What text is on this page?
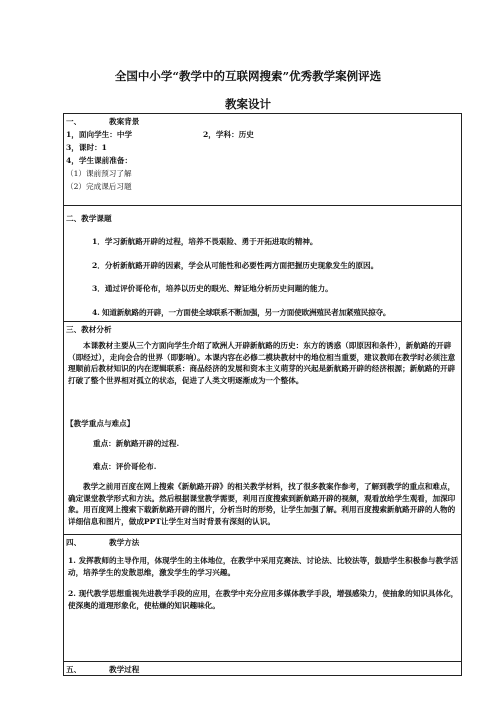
全国中小学“教学中的互联网搜索”优秀教学案例评选
教案设计
一、	教案背景
1，面向学生：中学	2，学科：历史
3，课时：1
4，学生课前准备：
（1）课前预习了解
（2）完成课后习题
二、教学课题
1．学习新航路开辟的过程，培养不畏艰险、勇于开拓进取的精神。
2．分析新航路开辟的因素，学会从可能性和必要性两方面把握历史现象发生的原因。
3．通过评价哥伦布，培养以历史的眼光、辩证地分析历史问题的能力。
4. 知道新航路的开辟，一方面使全球联系不断加强，另一方面使欧洲殖民者加紧殖民掠夺。
三、教材分析
本课教材主要从三个方面向学生介绍了欧洲人开辟新航路的历史：东方的诱惑（即原因和条件），新航路的开辟（即经过），走向会合的世界（即影响）。本课内容在必修二模块教材中的地位相当重要，建议教师在教学时必须注意理顺前后教材知识的内在逻辑联系：商品经济的发展和资本主义萌芽的兴起是新航路开辟的经济根源；新航路的开辟打破了整个世界相对孤立的状态，促进了人类文明逐渐成为一个整体。
【教学重点与难点】
重点：新航路开辟的过程.
难点：评价哥伦布.
教学之前用百度在网上搜索《新航路开辟》的相关教学材料，找了很多教案作参考，了解到教学的重点和难点，确定课堂教学形式和方法。然后根据课堂教学需要，利用百度搜索到新航路开辟的视频，观看放给学生观看，加深印象。用百度网上搜索下载新航路开辟的图片，分析当时的形势，让学生加强了解。利用百度搜索新航路开辟的人物的详细信息和图片，做成PPT让学生对当时背景有深刻的认识。
四、	教学方法
1. 发挥教师的主导作用，体现学生的主体地位，在教学中采用克赛法、讨论法、比较法等，鼓励学生积极参与教学活动，培养学生的发散思维，激发学生的学习兴趣。
2. 现代教学思想重视先进教学手段的应用，在教学中充分应用多媒体教学手段，增强感染力，使抽象的知识具体化，使深奥的道理形象化，使枯燥的知识趣味化。
五、	教学过程
